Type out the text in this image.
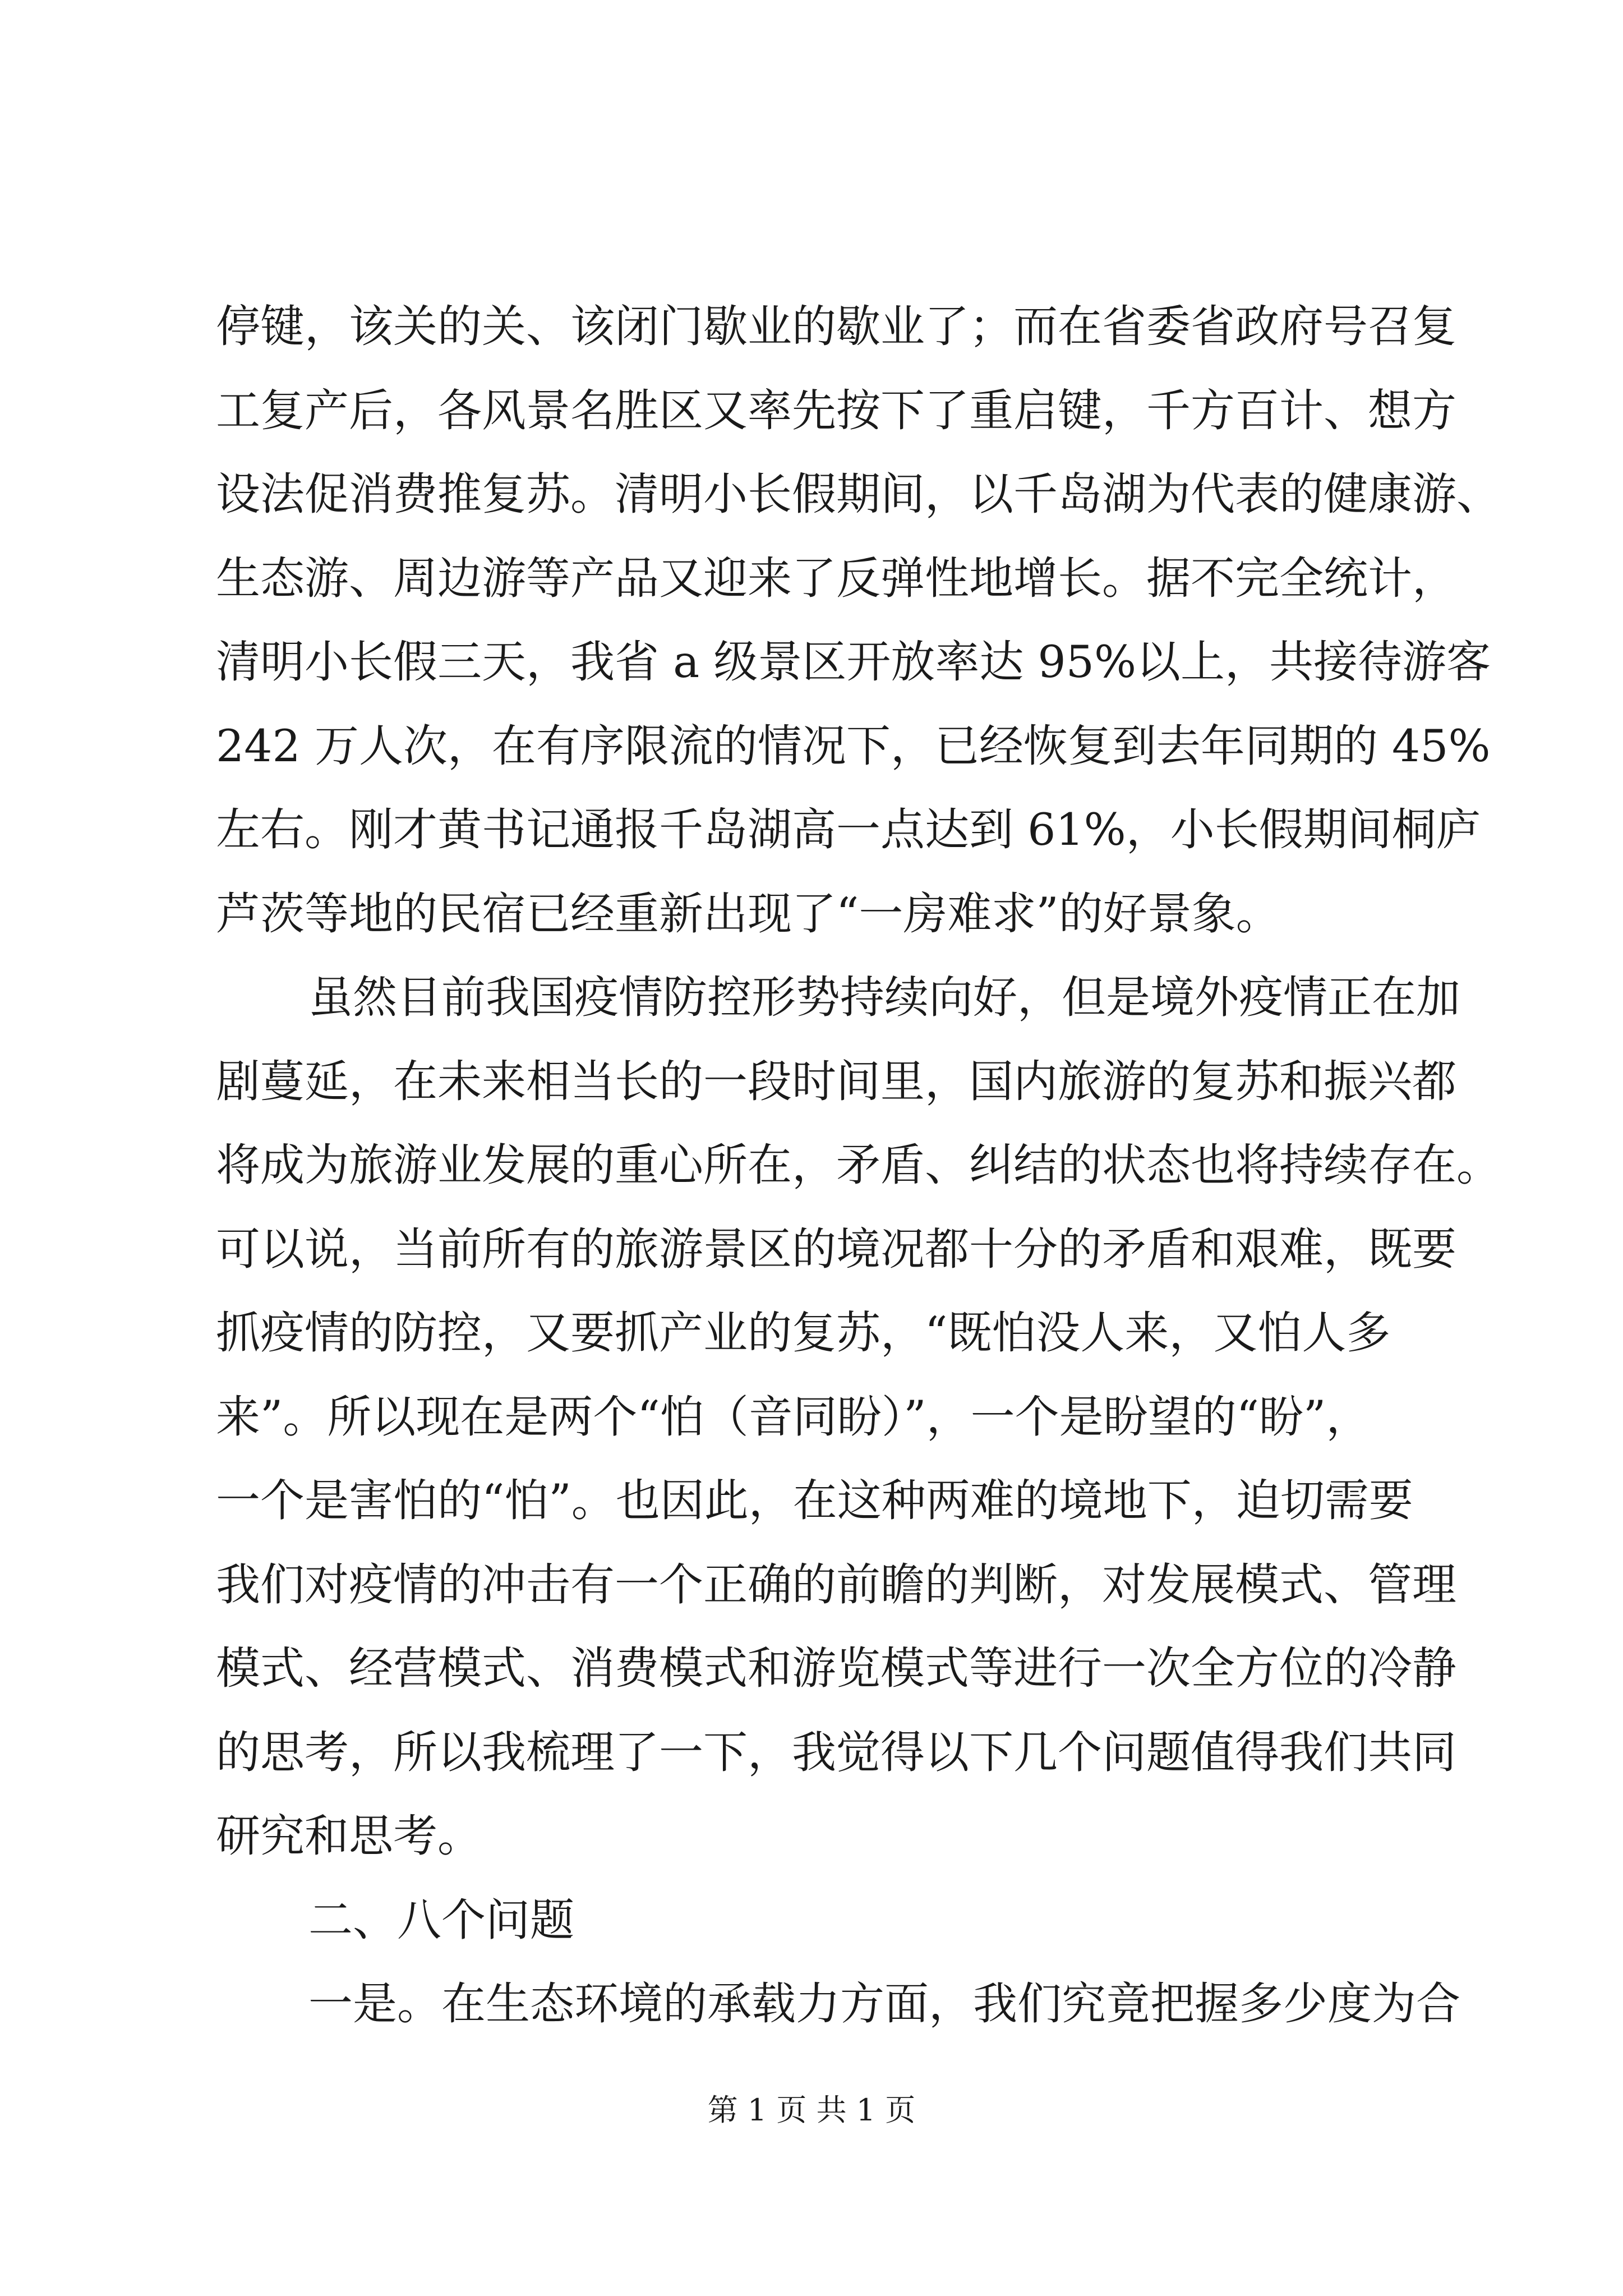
停键，该关的关、该闭门歇业的歇业了；而在省委省政府号召复
工复产后，各风景名胜区又率先按下了重启键，千方百计、想方
设法促消费推复苏。清明小长假期间，以千岛湖为代表的健康游、
生态游、周边游等产品又迎来了反弹性地增长。据不完全统计，
清明小长假三天，我省 a 级景区开放率达 95%以上，共接待游客
242 万人次，在有序限流的情况下，已经恢复到去年同期的 45%
左右。刚才黄书记通报千岛湖高一点达到 61%，小长假期间桐庐
芦茨等地的民宿已经重新出现了“一房难求”的好景象。
虽然目前我国疫情防控形势持续向好，但是境外疫情正在加
剧蔓延，在未来相当长的一段时间里，国内旅游的复苏和振兴都
将成为旅游业发展的重心所在，矛盾、纠结的状态也将持续存在。
可以说，当前所有的旅游景区的境况都十分的矛盾和艰难，既要
抓疫情的防控，又要抓产业的复苏，“既怕没人来，又怕人多
来”。所以现在是两个“怕（音同盼）”，一个是盼望的“盼”，
一个是害怕的“怕”。也因此，在这种两难的境地下，迫切需要
我们对疫情的冲击有一个正确的前瞻的判断，对发展模式、管理
模式、经营模式、消费模式和游览模式等进行一次全方位的冷静
的思考，所以我梳理了一下，我觉得以下几个问题值得我们共同
研究和思考。
二、八个问题
一是。在生态环境的承载力方面，我们究竟把握多少度为合
第 1 页 共 1 页
